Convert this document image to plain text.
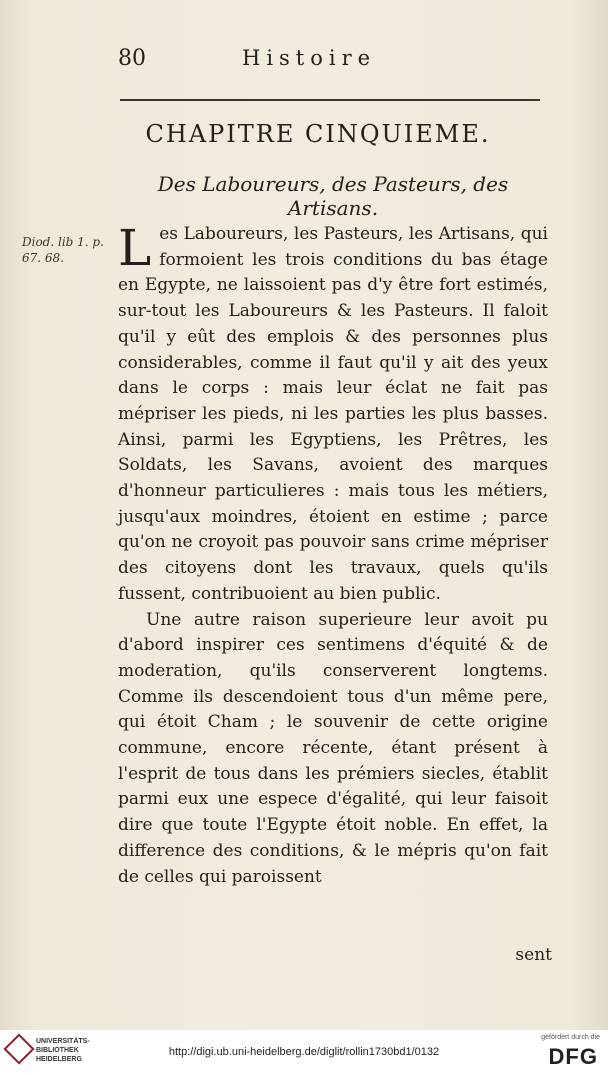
80	Histoire
CHAPITRE CINQUIEME.
Des Laboureurs, des Pasteurs, des Artisans.
Diod. lib 1. p. 67. 68.	L es Laboureurs, les Pasteurs, les Artisans, qui formoient les trois conditions du bas étage en Egypte, ne laissoient pas d'y être fort estimés, sur-tout les Laboureurs & les Pasteurs. Il faloit qu'il y eût des emplois & des personnes plus considerables, comme il faut qu'il y ait des yeux dans le corps : mais leur éclat ne fait pas mépriser les pieds, ni les parties les plus basses. Ainsi, parmi les Egyptiens, les Prêtres, les Soldats, les Savans, avoient des marques d'honneur particulieres : mais tous les métiers, jusqu'aux moindres, étoient en estime ; parce qu'on ne croyoit pas pouvoir sans crime mépriser des citoyens dont les travaux, quels qu'ils fussent, contribuoient au bien public.

Une autre raison superieure leur avoit pu d'abord inspirer ces sentimens d'équité & de moderation, qu'ils conserverent longtems. Comme ils descendoient tous d'un même pere, qui étoit Cham ; le souvenir de cette origine commune, encore récente, étant présent à l'esprit de tous dans les prémiers siecles, établit parmi eux une espece d'égalité, qui leur faisoit dire que toute l'Egypte étoit noble. En effet, la difference des conditions, & le mépris qu'on fait de celles qui paroissent

sent
UNIVERSITÄTS- BIBLIOTHEK HEIDELBERG
http://digi.ub.uni-heidelberg.de/diglit/rollin1730bd1/0132
gefördert durch die
DFG
